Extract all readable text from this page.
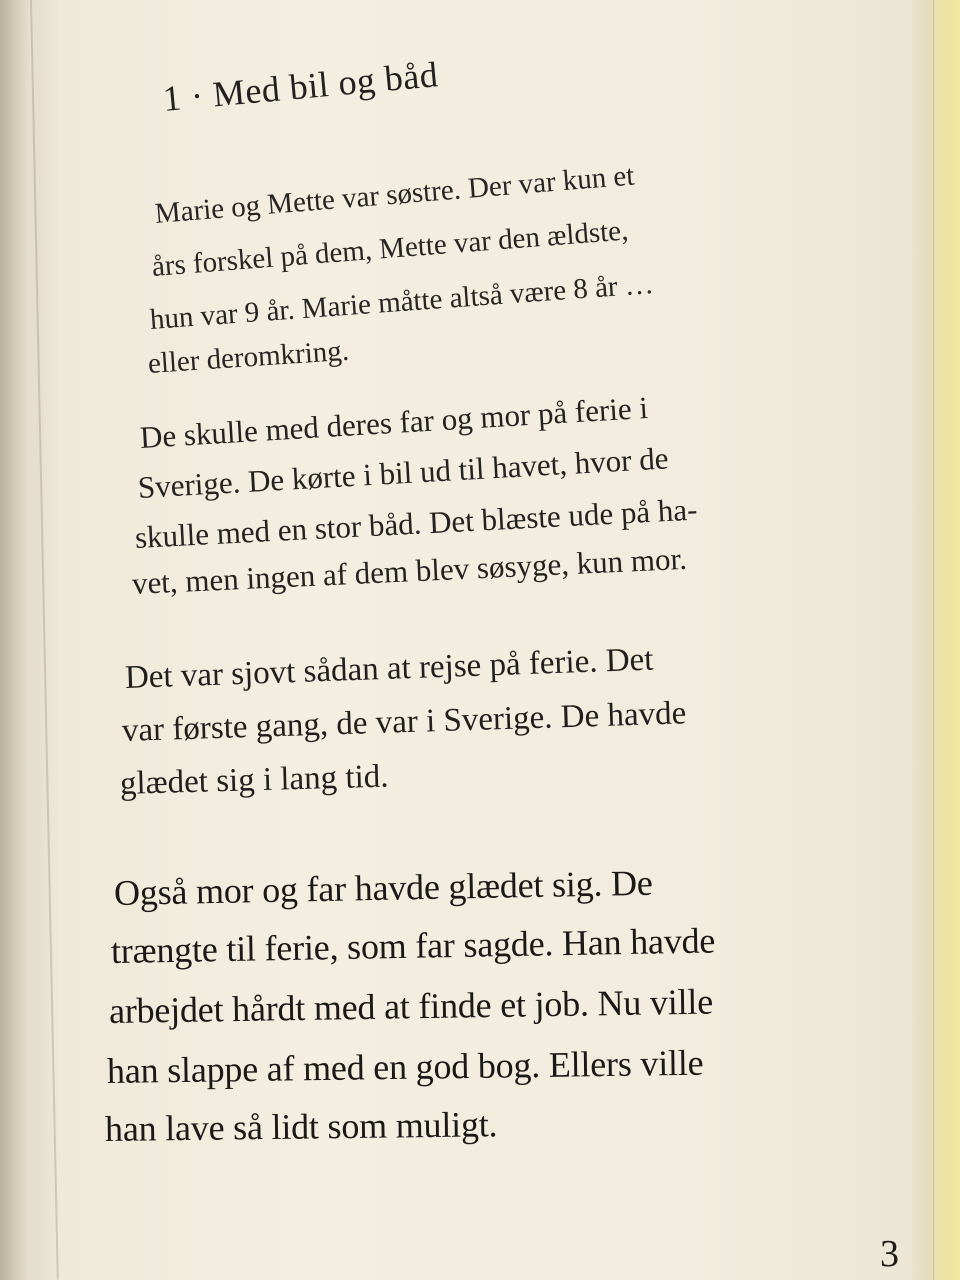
1 · Med bil og båd
Marie og Mette var søstre. Der var kun et
års forskel på dem, Mette var den ældste,
hun var 9 år. Marie måtte altså være 8 år …
eller deromkring.
De skulle med deres far og mor på ferie i
Sverige. De kørte i bil ud til havet, hvor de
skulle med en stor båd. Det blæste ude på ha-
vet, men ingen af dem blev søsyge, kun mor.
Det var sjovt sådan at rejse på ferie. Det
var første gang, de var i Sverige. De havde
glædet sig i lang tid.
Også mor og far havde glædet sig. De
trængte til ferie, som far sagde. Han havde
arbejdet hårdt med at finde et job. Nu ville
han slappe af med en god bog. Ellers ville
han lave så lidt som muligt.
3
